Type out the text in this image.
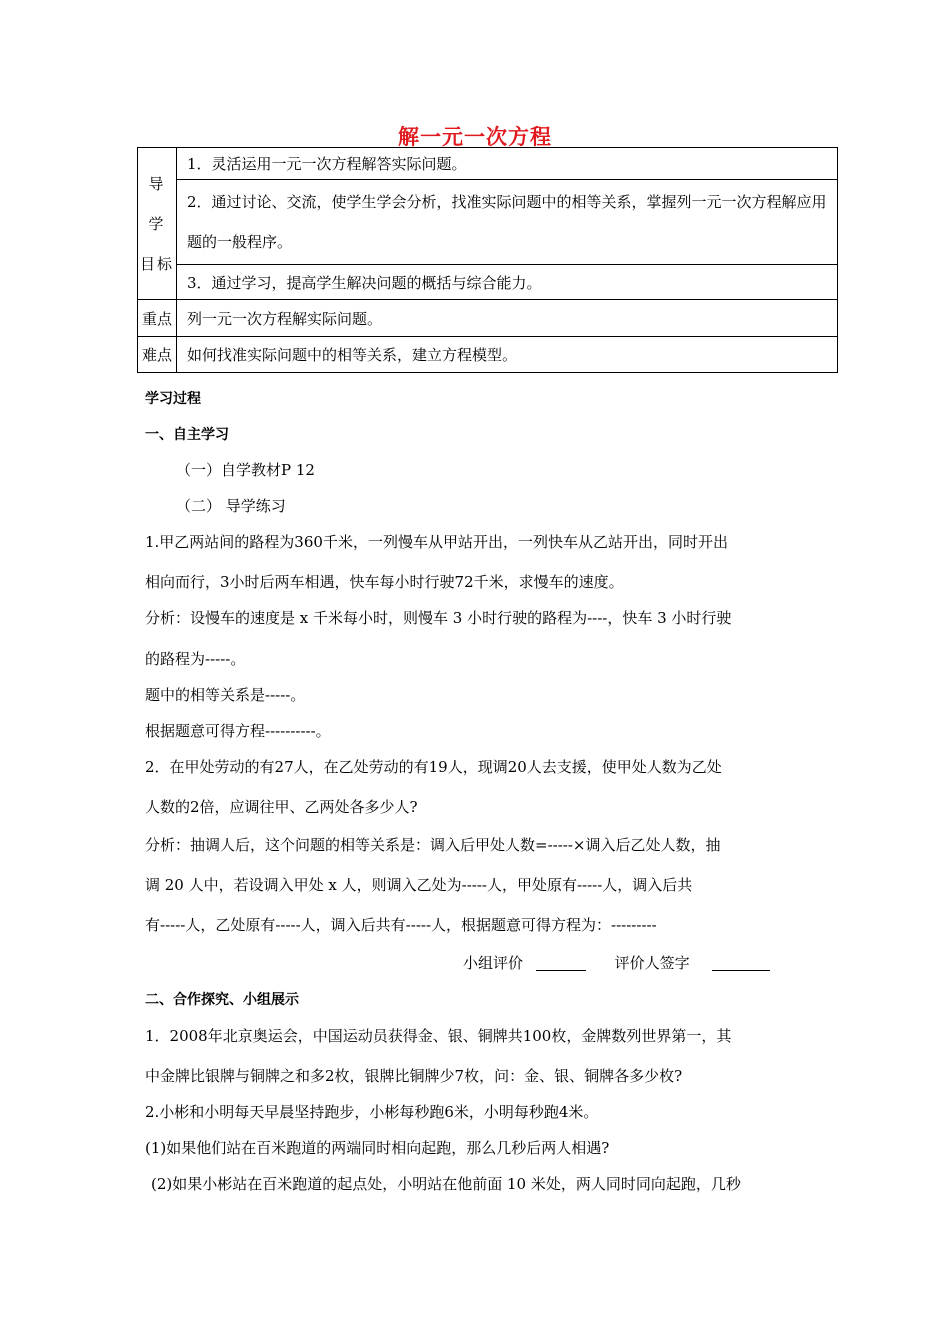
解一元一次方程
导 学
目标	1．灵活运用一元一次方程解答实际问题。
	2．通过讨论、交流，使学生学会分析，找准实际问题中的相等关系，掌握列一元一次方程解应用题的一般程序。
	3．通过学习，提高学生解决问题的概括与综合能力。
重点	列一元一次方程解实际问题。
难点	如何找准实际问题中的相等关系，建立方程模型。
学习过程
一、自主学习
（一）自学教材P 12
（二） 导学练习
1.甲乙两站间的路程为360千米，一列慢车从甲站开出，一列快车从乙站开出，同时开出
相向而行，3小时后两车相遇，快车每小时行驶72千米，求慢车的速度。
分析：设慢车的速度是 x 千米每小时，则慢车 3 小时行驶的路程为----，快车 3 小时行驶
的路程为-----。
题中的相等关系是-----。
根据题意可得方程----------。
2．在甲处劳动的有27人，在乙处劳动的有19人，现调20人去支援，使甲处人数为乙处
人数的2倍，应调往甲、乙两处各多少人?
分析：抽调人后，这个问题的相等关系是：调入后甲处人数=-----×调入后乙处人数，抽
调 20 人中，若设调入甲处 x 人，则调入乙处为-----人，甲处原有-----人，调入后共
有-----人，乙处原有-----人，调入后共有-----人，根据题意可得方程为：---------
小组评价	评价人签字
二、合作探究、小组展示
1．2008年北京奥运会，中国运动员获得金、银、铜牌共100枚，金牌数列世界第一，其
中金牌比银牌与铜牌之和多2枚，银牌比铜牌少7枚，问：金、银、铜牌各多少枚?
2.小彬和小明每天早晨坚持跑步，小彬每秒跑6米，小明每秒跑4米。
(1)如果他们站在百米跑道的两端同时相向起跑，那么几秒后两人相遇?
(2)如果小彬站在百米跑道的起点处，小明站在他前面 10 米处，两人同时同向起跑，几秒
